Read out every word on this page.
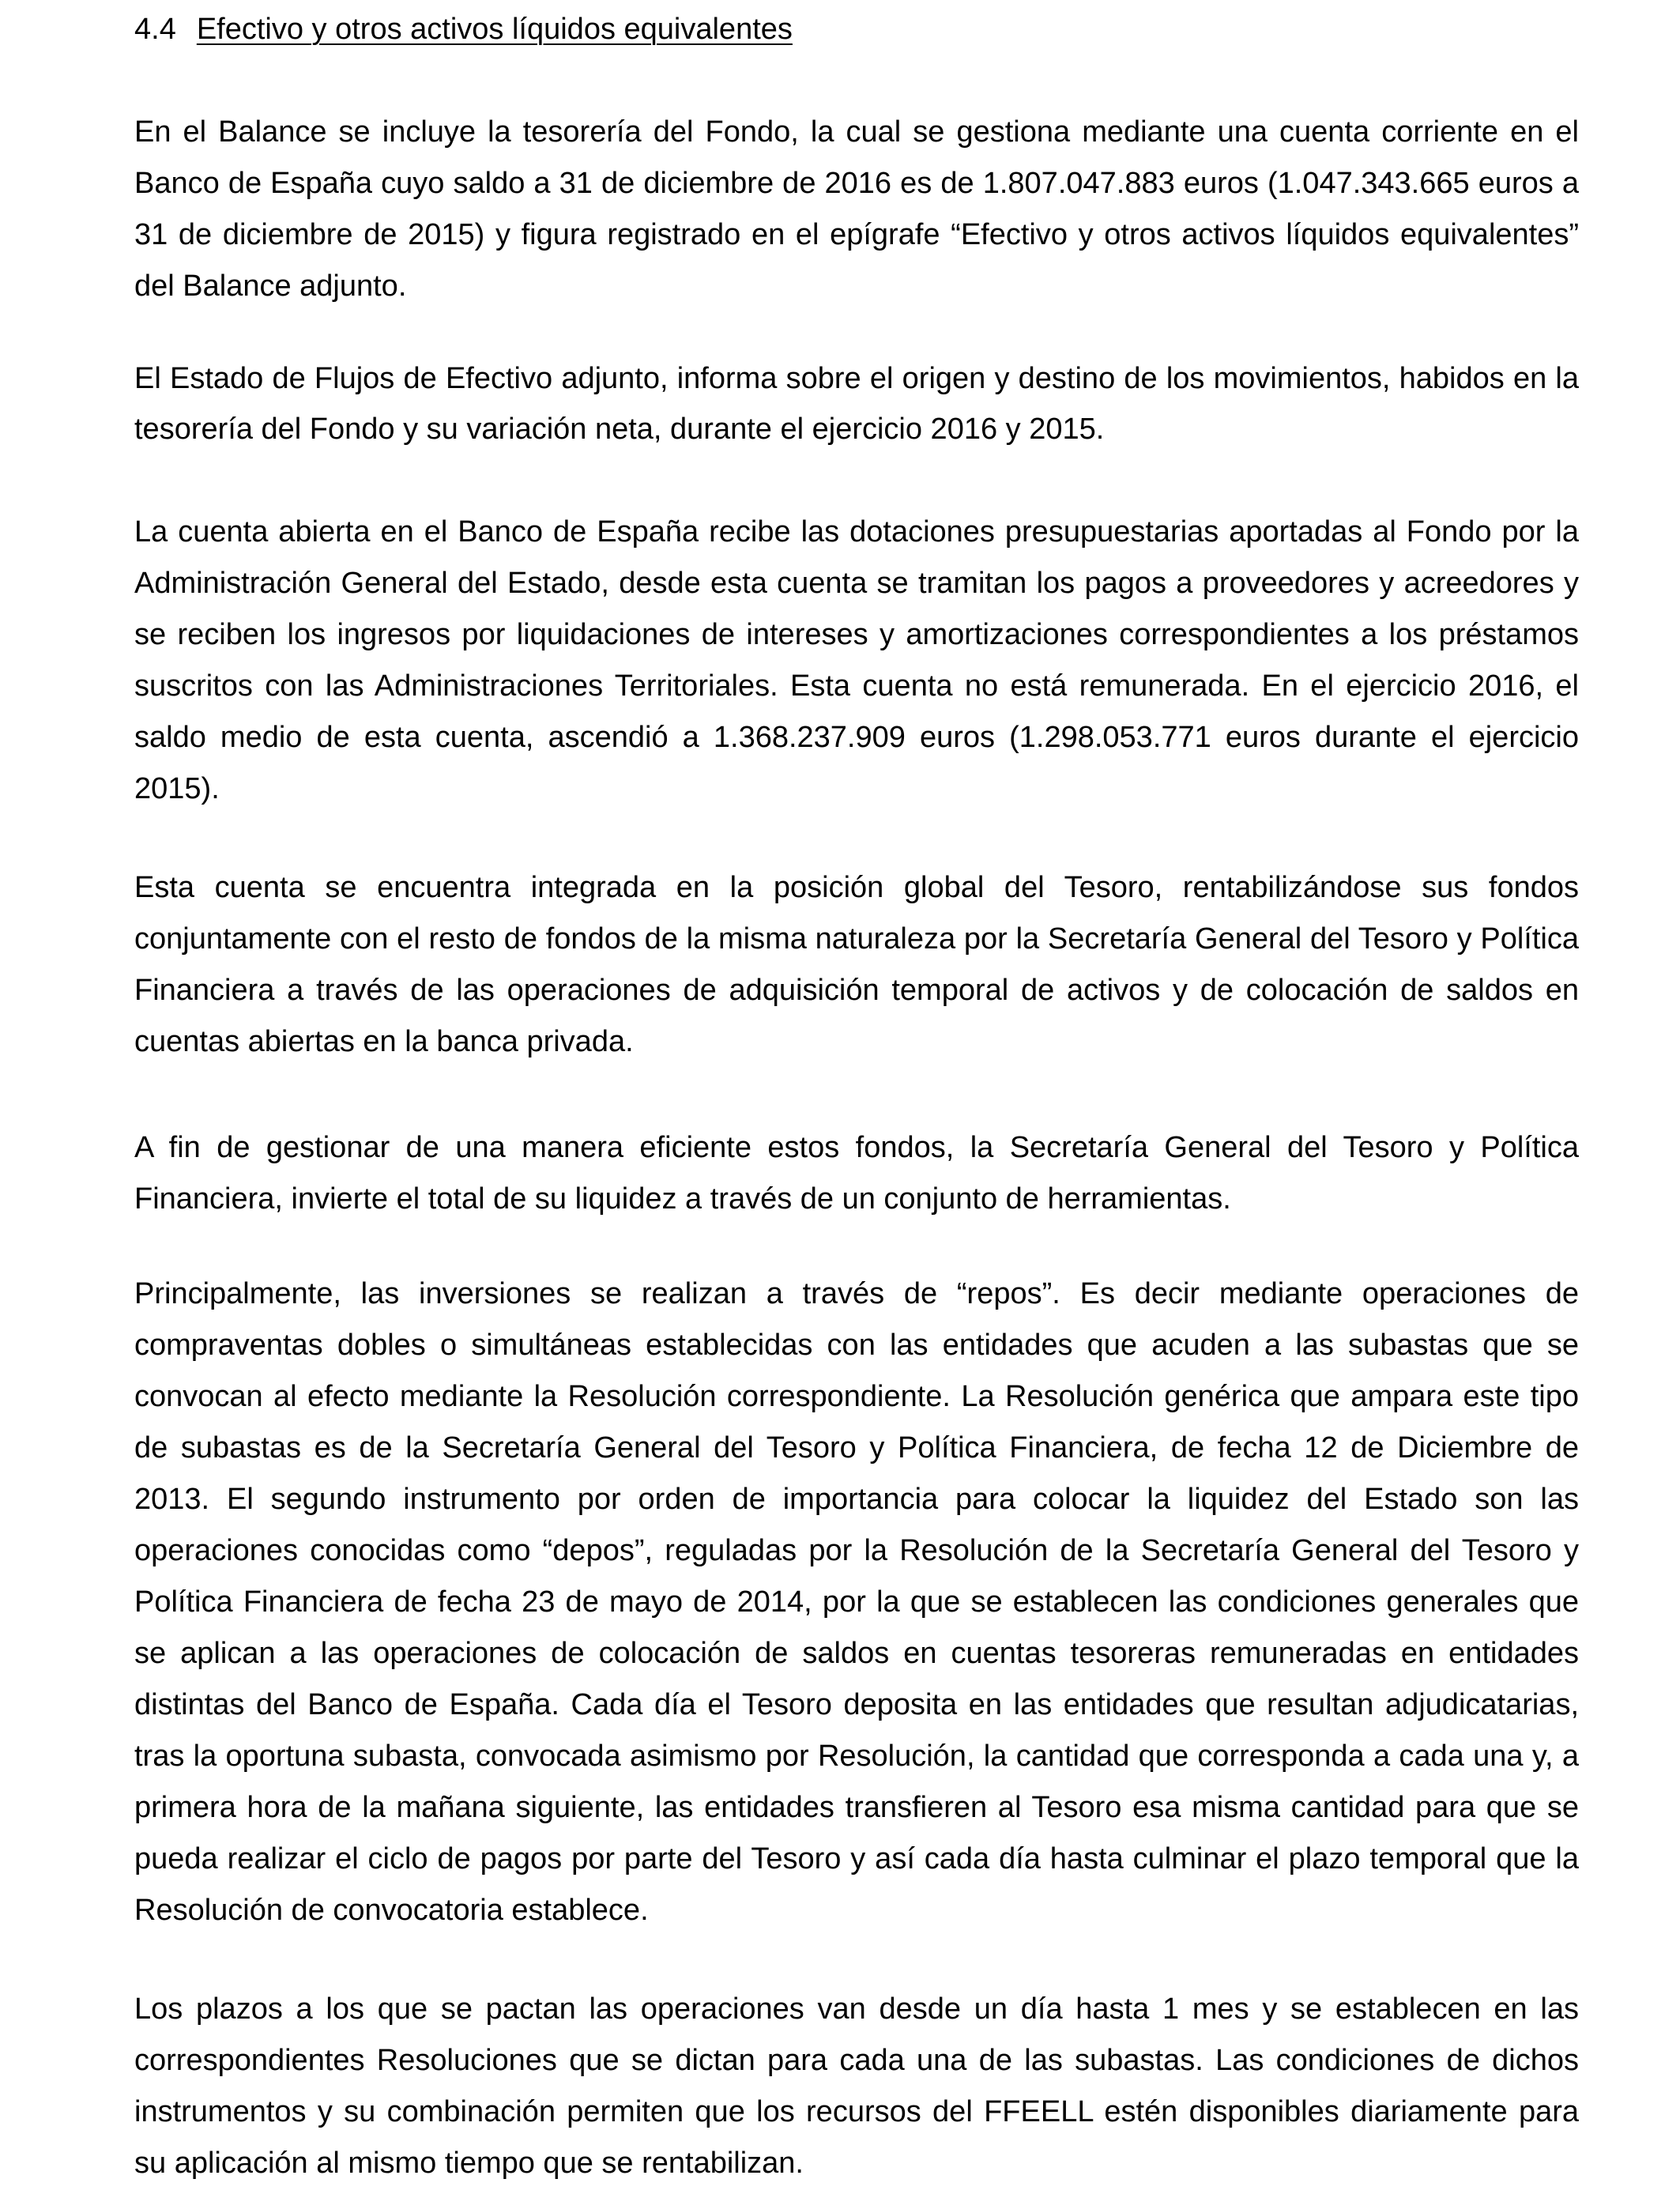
4.4 Efectivo y otros activos líquidos equivalentes

En el Balance se incluye la tesorería del Fondo, la cual se gestiona mediante una cuenta corriente en el Banco de España cuyo saldo a 31 de diciembre de 2016 es de 1.807.047.883 euros (1.047.343.665 euros a 31 de diciembre de 2015) y figura registrado en el epígrafe “Efectivo y otros activos líquidos equivalentes” del Balance adjunto.

El Estado de Flujos de Efectivo adjunto, informa sobre el origen y destino de los movimientos, habidos en la tesorería del Fondo y su variación neta, durante el ejercicio 2016 y 2015.

La cuenta abierta en el Banco de España recibe las dotaciones presupuestarias aportadas al Fondo por la Administración General del Estado, desde esta cuenta se tramitan los pagos a proveedores y acreedores y se reciben los ingresos por liquidaciones de intereses y amortizaciones correspondientes a los préstamos suscritos con las Administraciones Territoriales. Esta cuenta no está remunerada. En el ejercicio 2016, el saldo medio de esta cuenta, ascendió a 1.368.237.909 euros (1.298.053.771 euros durante el ejercicio 2015).

Esta cuenta se encuentra integrada en la posición global del Tesoro, rentabilizándose sus fondos conjuntamente con el resto de fondos de la misma naturaleza por la Secretaría General del Tesoro y Política Financiera a través de las operaciones de adquisición temporal de activos y de colocación de saldos en cuentas abiertas en la banca privada.

A fin de gestionar de una manera eficiente estos fondos, la Secretaría General del Tesoro y Política Financiera, invierte el total de su liquidez a través de un conjunto de herramientas.

Principalmente, las inversiones se realizan a través de “repos”. Es decir mediante operaciones de compraventas dobles o simultáneas establecidas con las entidades que acuden a las subastas que se convocan al efecto mediante la Resolución correspondiente. La Resolución genérica que ampara este tipo de subastas es de la Secretaría General del Tesoro y Política Financiera, de fecha 12 de Diciembre de 2013. El segundo instrumento por orden de importancia para colocar la liquidez del Estado son las operaciones conocidas como “depos”, reguladas por la Resolución de la Secretaría General del Tesoro y Política Financiera de fecha 23 de mayo de 2014, por la que se establecen las condiciones generales que se aplican a las operaciones de colocación de saldos en cuentas tesoreras remuneradas en entidades distintas del Banco de España. Cada día el Tesoro deposita en las entidades que resultan adjudicatarias, tras la oportuna subasta, convocada asimismo por Resolución, la cantidad que corresponda a cada una y, a primera hora de la mañana siguiente, las entidades transfieren al Tesoro esa misma cantidad para que se pueda realizar el ciclo de pagos por parte del Tesoro y así cada día hasta culminar el plazo temporal que la Resolución de convocatoria establece.

Los plazos a los que se pactan las operaciones van desde un día hasta 1 mes y se establecen en las correspondientes Resoluciones que se dictan para cada una de las subastas. Las condiciones de dichos instrumentos y su combinación permiten que los recursos del FFEELL estén disponibles diariamente para su aplicación al mismo tiempo que se rentabilizan.
